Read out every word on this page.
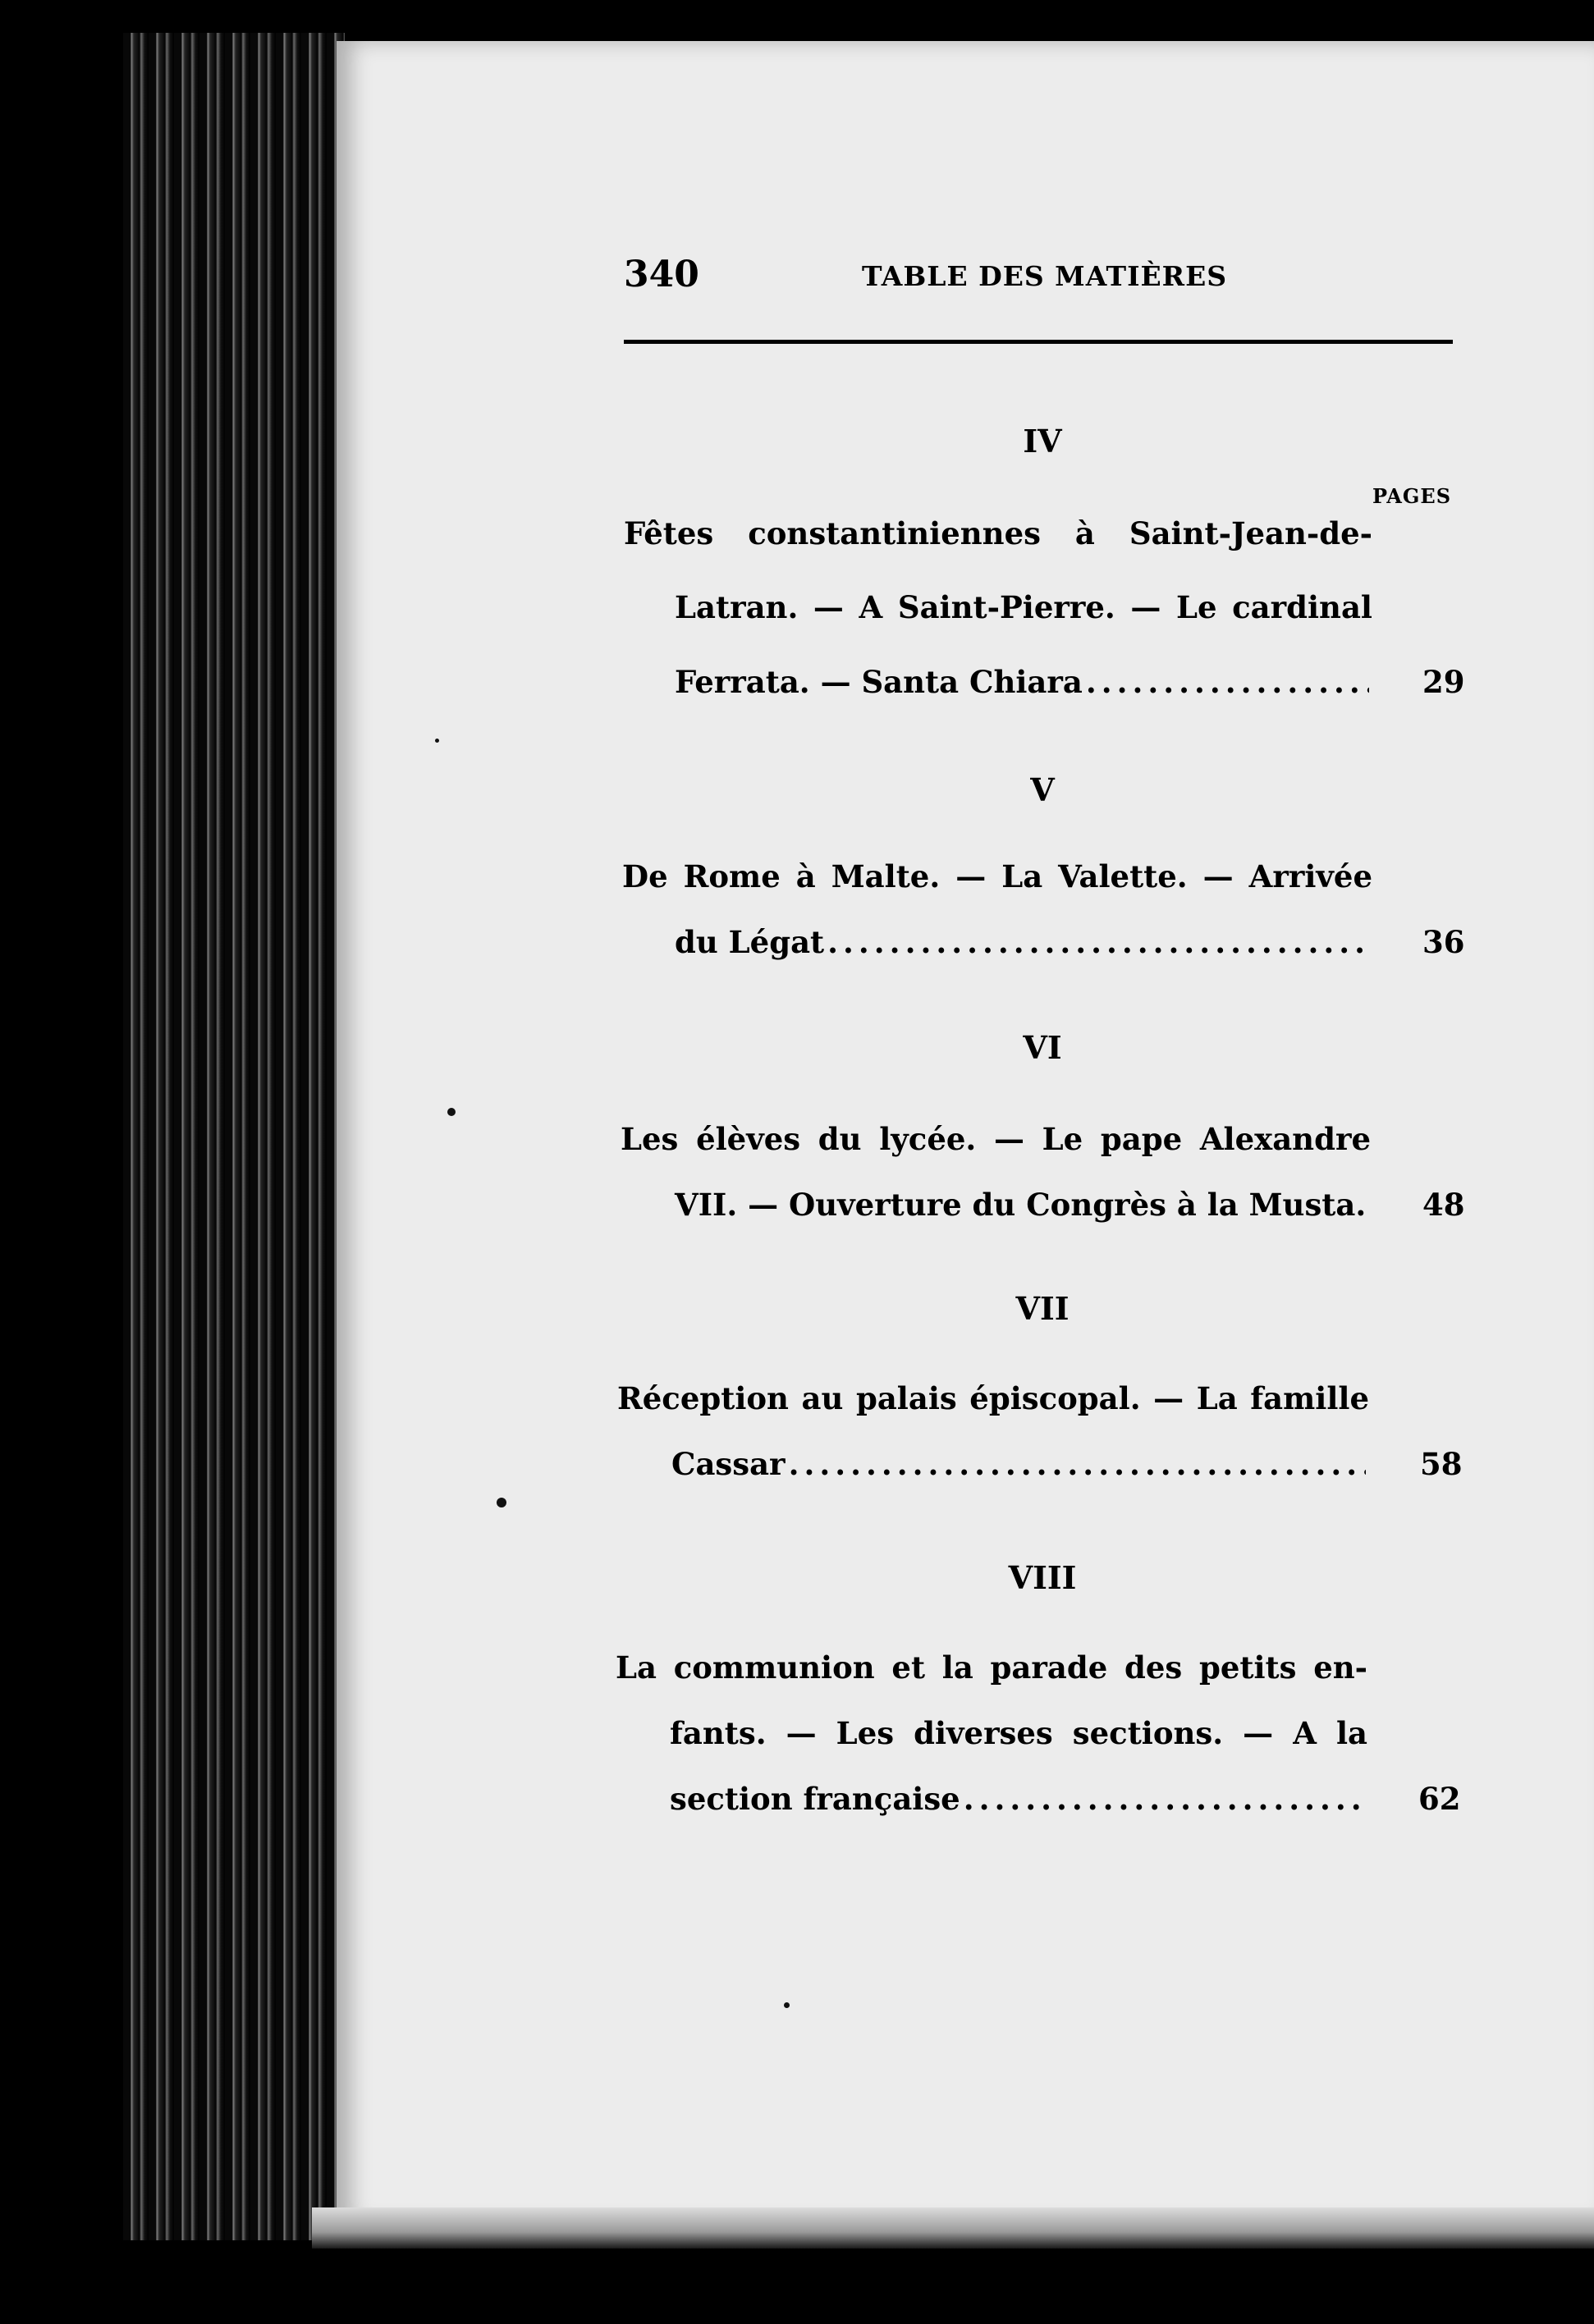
340	TABLE DES MATIÈRES
IV
PAGES
Fêtes constantiniennes à Saint-Jean-de-
Latran. — A Saint-Pierre. — Le cardinal
Ferrata. — Santa Chiara .....	29
V
De Rome à Malte. — La Valette. — Arrivée
du Légat .....	36
VI
Les élèves du lycée. — Le pape Alexandre
VII. — Ouverture du Congrès à la Musta. 48
VII
Réception au palais épiscopal. — La famille
Cassar .....	58
VIII
La communion et la parade des petits en-
fants. — Les diverses sections. — A la
section française .....	62
